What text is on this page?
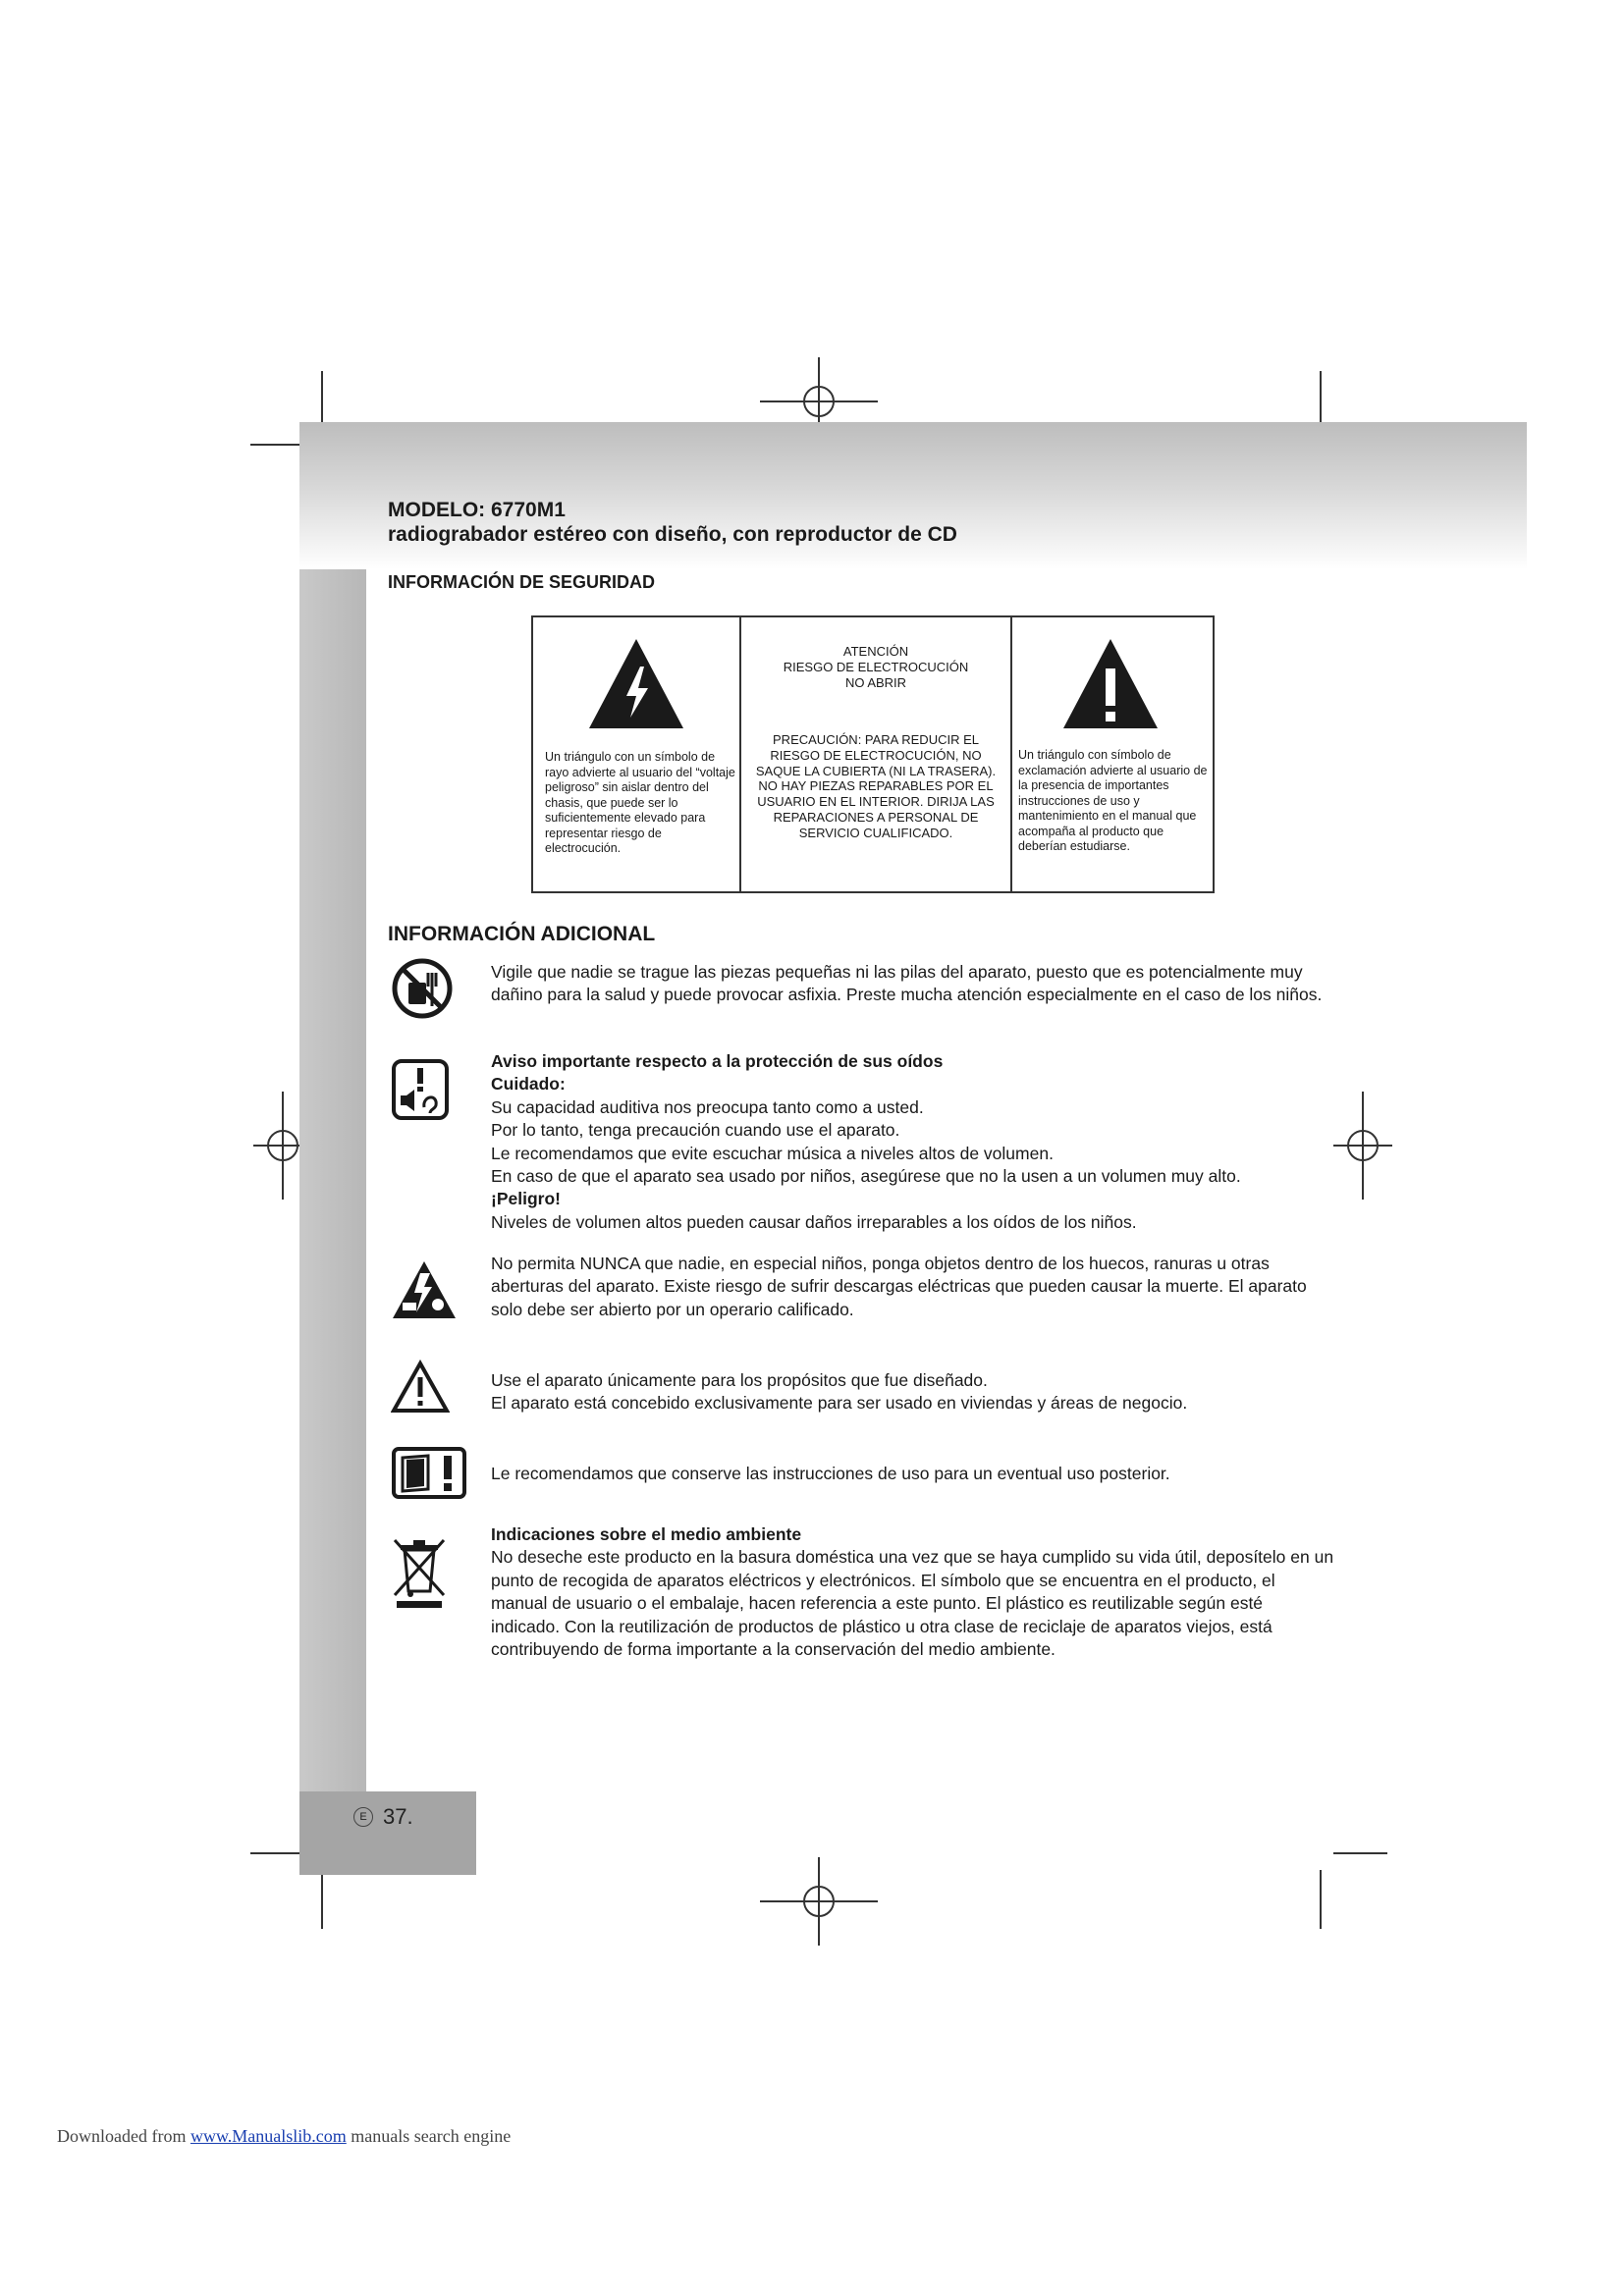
E 37.
MODELO: 6770M1
radiograbador estéreo con diseño, con reproductor de CD
INFORMACIÓN DE SEGURIDAD
Un triángulo con un símbolo de rayo advierte al usuario del “voltaje peligroso” sin aislar dentro del chasis, que puede ser lo suficientemente elevado para representar riesgo de electrocución.
ATENCIÓN
RIESGO DE ELECTROCUCIÓN
NO ABRIR
PRECAUCIÓN: PARA REDUCIR EL RIESGO DE ELECTROCUCIÓN, NO SAQUE LA CUBIERTA (NI LA TRASERA). NO HAY PIEZAS REPARABLES POR EL USUARIO EN EL INTERIOR. DIRIJA LAS REPARACIONES A PERSONAL DE SERVICIO CUALIFICADO.
Un triángulo con símbolo de exclamación advierte al usuario de la presencia de importantes instrucciones de uso y mantenimiento en el manual que acompaña al producto que deberían estudiarse.
INFORMACIÓN ADICIONAL
Vigile que nadie se trague las piezas pequeñas ni las pilas del aparato, puesto que es potencialmente muy dañino para la salud y puede provocar asfixia. Preste mucha atención especialmente en el caso de los niños.

Aviso importante respecto a la protección de sus oídos

Cuidado:

Su capacidad auditiva nos preocupa tanto como a usted.

Por lo tanto, tenga precaución cuando use el aparato.

Le recomendamos que evite escuchar música a niveles altos de volumen.

En caso de que el aparato sea usado por niños, asegúrese que no la usen a un volumen muy alto.

¡Peligro!

Niveles de volumen altos pueden causar daños irreparables a los oídos de los niños.

No permita NUNCA que nadie, en especial niños, ponga objetos dentro de los huecos, ranuras u otras aberturas del aparato. Existe riesgo de sufrir descargas eléctricas que pueden causar la muerte. El aparato solo debe ser abierto por un operario calificado.

Use el aparato únicamente para los propósitos que fue diseñado.

El aparato está concebido exclusivamente para ser usado en viviendas y áreas de negocio.

Le recomendamos que conserve las instrucciones de uso para un eventual uso posterior.

Indicaciones sobre el medio ambiente

No deseche este producto en la basura doméstica una vez que se haya cumplido su vida útil, deposítelo en un punto de recogida de aparatos eléctricos y electrónicos. El símbolo que se encuentra en el producto, el manual de usuario o el embalaje, hacen referencia a este punto. El plástico es reutilizable según esté indicado. Con la reutilización de productos de plástico u otra clase de reciclaje de aparatos viejos, está contribuyendo de forma importante a la conservación del medio ambiente.

Downloaded from www.Manualslib.com manuals search engine
